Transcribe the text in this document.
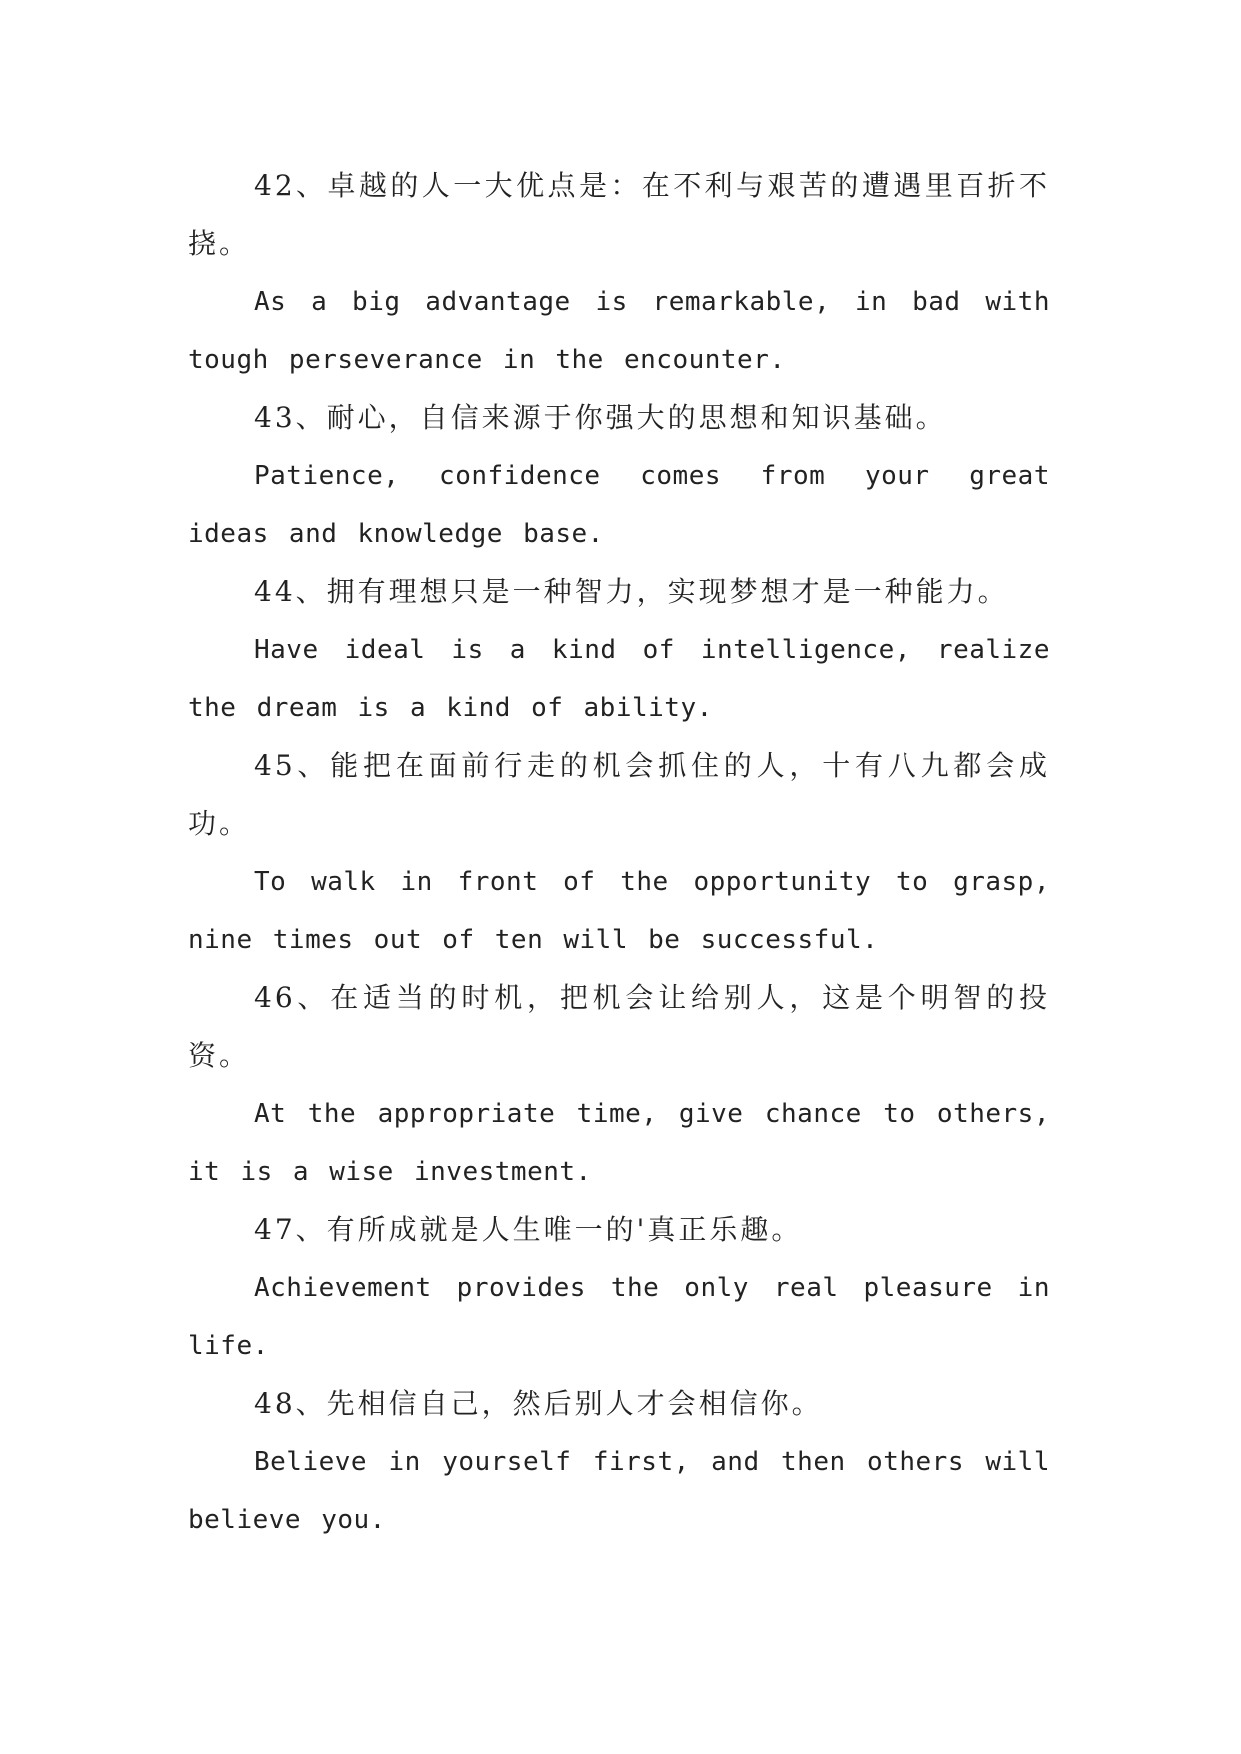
42、卓越的人一大优点是：在不利与艰苦的遭遇里百折不挠。

As a big advantage is remarkable, in bad with tough perseverance in the encounter.

43、耐心，自信来源于你强大的思想和知识基础。

Patience, confidence comes from your great ideas and knowledge base.

44、拥有理想只是一种智力，实现梦想才是一种能力。

Have ideal is a kind of intelligence, realize the dream is a kind of ability.

45、能把在面前行走的机会抓住的人，十有八九都会成功。

To walk in front of the opportunity to grasp, nine times out of ten will be successful.

46、在适当的时机，把机会让给别人，这是个明智的投资。

At the appropriate time, give chance to others, it is a wise investment.

47、有所成就是人生唯一的'真正乐趣。

Achievement provides the only real pleasure in life.

48、先相信自己，然后别人才会相信你。

Believe in yourself first, and then others will believe you.
